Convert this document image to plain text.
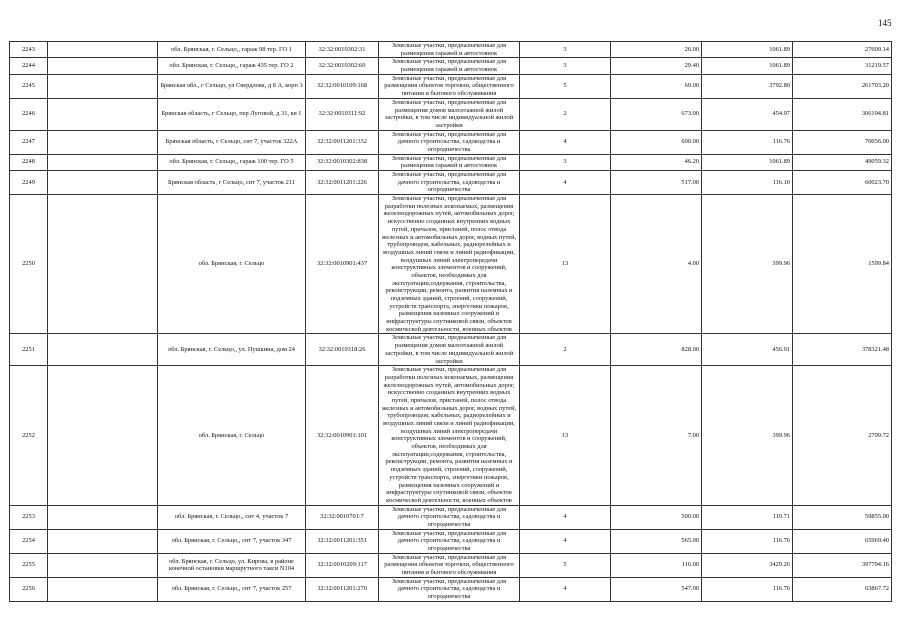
145
2243		обл. Брянская, г. Сельцо,, гараж 98 тер. ГО 1	32:32:0010302:31	Земельные участки, предназначенные для размещения гаражей и автостоянок	3	26.00	1061.89	27609.14
2244		обл. Брянская, г. Сельцо,, гараж 435 тер. ГО 2	32:32:0010302:60	Земельные участки, предназначенные для размещения гаражей и автостоянок	3	29.40	1061.89	31219.57
2245		Брянская обл., г Сельцо, ул Свердлова, д 8 А, корп 3	32:32:0010109:168	Земельные участки, предназначенные для размещения объектов торговли, общественного питания и бытового обслуживания	5	69.00	3792.80	261703.20
2246		Брянская область, г Сельцо, пер Луговой, д 31, кв 1	32:32:0010311:92	Земельные участки, предназначенные для размещения домов малоэтажной жилой застройки, в том числе индивидуальной жилой застройки	2	673.00	454.97	306194.81
2247		Брянская область, г Сельцо, снт 7, участок 322А	32:32:0011201:332	Земельные участки, предназначенные для дачного строительства, садоводства и огородничества	4	600.00	116.76	70056.00
2248		обл. Брянская, г. Сельцо,, гараж 100 тер. ГО 5	32:32:0010302:838	Земельные участки, предназначенные для размещения гаражей и автостоянок	3	46.20	1061.89	49059.32
2249		Брянская область, г Сельцо, снт 7, участок 211	32:32:0011201:226	Земельные участки, предназначенные для дачного строительства, садоводства и огородничества	4	517.00	116.10	60023.70
2250		обл. Брянская, г. Сельцо	32:32:0010901:437	Земельные участки, предназначенные для разработки полезных ископаемых, размещения железнодорожных путей, автомобильных дорог, искусственно созданных внутренних водных путей, причалов, пристаней, полос отвода железных и автомобильных дорог, водных путей, трубопроводов, кабельных, радиорелейных и воздушных линий связи и линий радиофикации, воздушных линий электропередачи конструктивных элементов и сооружений, объектов, необходимых для эксплуатации,содержания, строительства, реконструкции, ремонта, развития наземных и подземных зданий, строений, сооружений, устройств транспорта, энергетики пожаров, размещения наземных сооружений и инфраструктуры спутниковой связи, объектов космической деятельности, военных объектов	13	4.00	399.96	1599.84
2251		обл. Брянская, г. Сельцо,, ул. Пушкина, дом 24	32:32:0010318:26	Земельные участки, предназначенные для размещения домов малоэтажной жилой застройки, в том числе индивидуальной жилой застройки	2	828.00	456.91	378321.48
2252		обл. Брянская, г. Сельцо	32:32:0010901:101	Земельные участки, предназначенные для разработки полезных ископаемых, размещения железнодорожных путей, автомобильных дорог, искусственно созданных внутренних водных путей, причалов, пристаней, полос отвода железных и автомобильных дорог, водных путей, трубопроводов, кабельных, радиорелейных и воздушных линий связи и линий радиофикации, воздушных линий электропередачи конструктивных элементов и сооружений, объектов, необходимых для эксплуатации,содержания, строительства, реконструкции, ремонта, развития наземных и подземных зданий, строений, сооружений, устройств транспорта, энергетики пожаров, размещения наземных сооружений и инфраструктуры спутниковой связи, объектов космической деятельности, военных объектов	13	7.00	399.96	2799.72
2253		обл. Брянская, г. Сельцо,, снт 4, участок 7	32:32:0010701:7	Земельные участки, предназначенные для дачного строительства, садоводства и огородничества	4	500.00	119.71	59855.00
2254		обл. Брянская, г. Сельцо,, снт 7, участок 347	32:32:0011201:351	Земельные участки, предназначенные для дачного строительства, садоводства и огородничества	4	565.00	116.76	65969.40
2255		обл. Брянская, г. Сельцо, ул. Кирова, в районе конечной остановки маршрутного такси N104	32:32:0010209:117	Земельные участки, предназначенные для размещения объектов торговли, общественного питания и бытового обслуживания	5	116.00	3429.26	397794.16
2256		обл. Брянская, г. Сельцо,, снт 7, участок 257	32:32:0011201:270	Земельные участки, предназначенные для дачного строительства, садоводства и огородничества	4	547.00	116.76	63867.72
